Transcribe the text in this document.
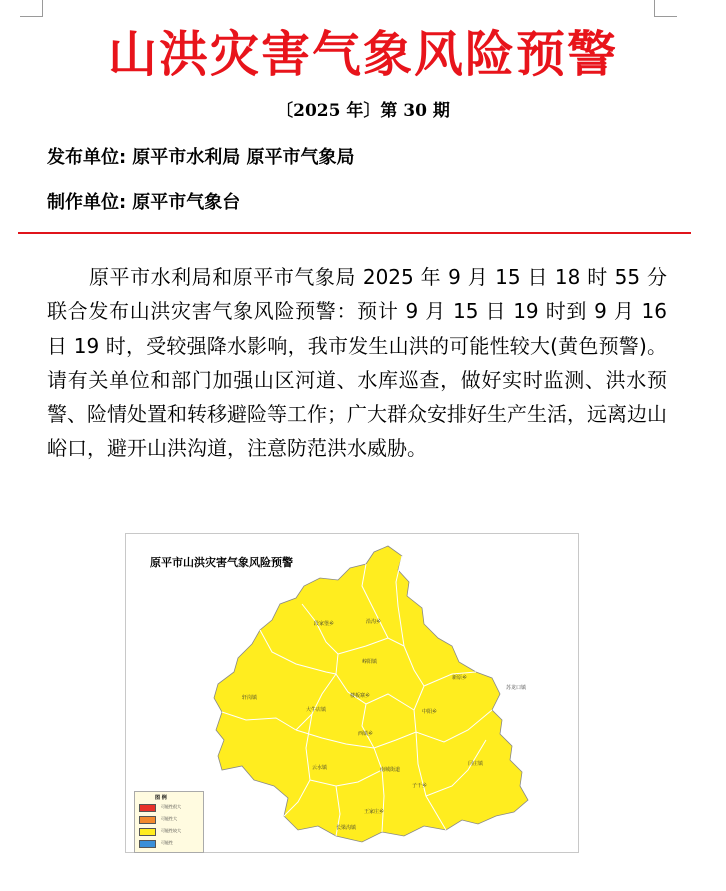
山洪灾害气象风险预警
〔2025 年〕第 30 期
发布单位: 原平市水利局 原平市气象局
制作单位: 原平市气象台
原平市水利局和原平市气象局 2025 年 9 月 15 日 18 时 55 分联合发布山洪灾害气象风险预警：预计 9 月 15 日 19 时到 9 月 16 日 19 时，受较强降水影响，我市发生山洪的可能性较大(黄色预警)。请有关单位和部门加强山区河道、水库巡查，做好实时监测、洪水预警、险情处置和转移避险等工作；广大群众安排好生产生活，远离边山峪口，避开山洪沟道，注意防范洪水威胁。
原平市山洪灾害气象风险预警
段家堡乡	沿沟乡
轩岗镇
崞阳镇
新原乡
大牛店镇
楼板寨乡
中阳乡
西镇乡
苏龙口镇
云水镇	南城街道
长梁沟镇
子干乡
闫庄镇
王家庄乡
图 例
可能性很大
可能性大
可能性较大
可能性
